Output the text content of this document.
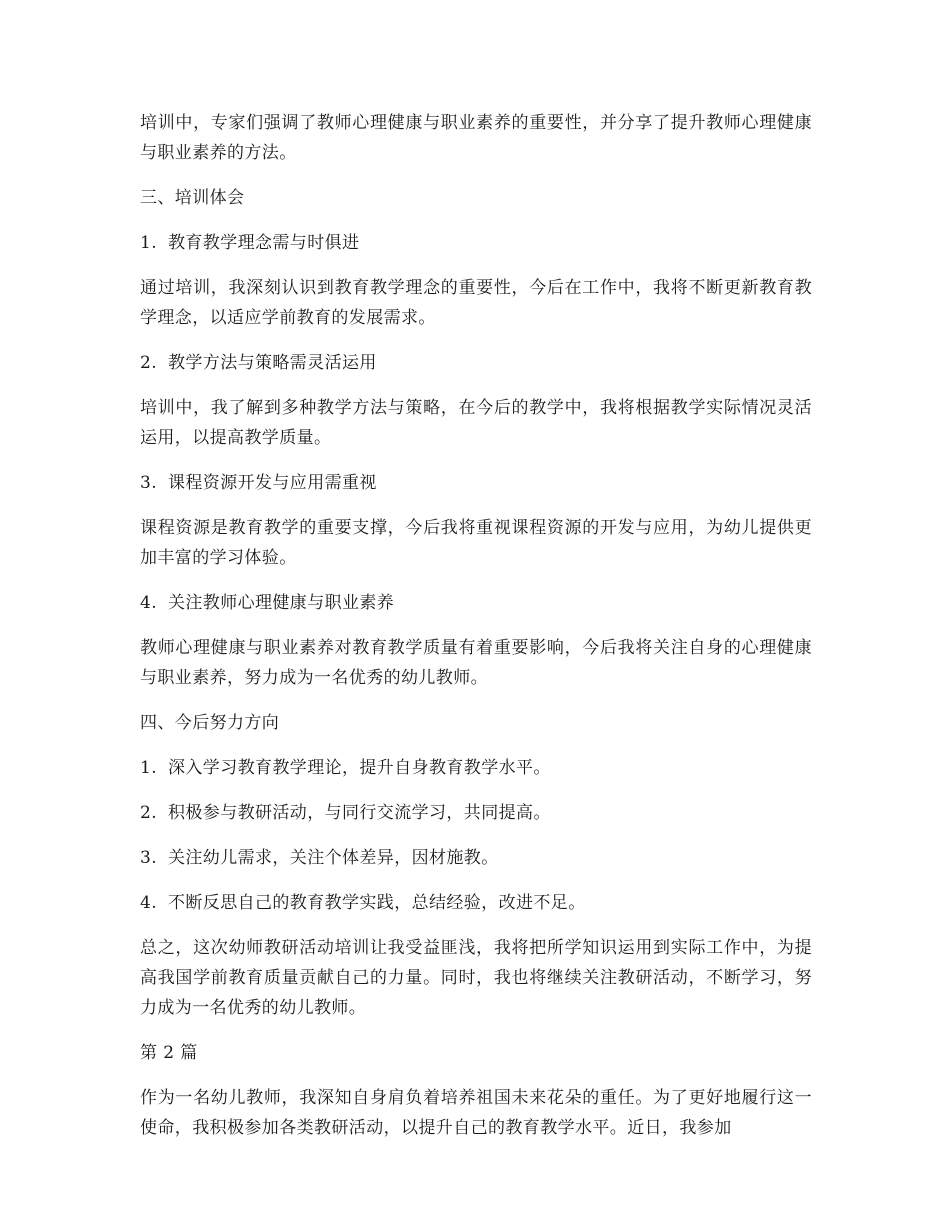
培训中，专家们强调了教师心理健康与职业素养的重要性，并分享了提升教师心理健康与职业素养的方法。

三、培训体会

1. 教育教学理念需与时俱进

通过培训，我深刻认识到教育教学理念的重要性，今后在工作中，我将不断更新教育教学理念，以适应学前教育的发展需求。

2. 教学方法与策略需灵活运用

培训中，我了解到多种教学方法与策略，在今后的教学中，我将根据教学实际情况灵活运用，以提高教学质量。

3. 课程资源开发与应用需重视

课程资源是教育教学的重要支撑，今后我将重视课程资源的开发与应用，为幼儿提供更加丰富的学习体验。

4. 关注教师心理健康与职业素养

教师心理健康与职业素养对教育教学质量有着重要影响，今后我将关注自身的心理健康与职业素养，努力成为一名优秀的幼儿教师。

四、今后努力方向

1. 深入学习教育教学理论，提升自身教育教学水平。

2. 积极参与教研活动，与同行交流学习，共同提高。

3. 关注幼儿需求，关注个体差异，因材施教。

4. 不断反思自己的教育教学实践，总结经验，改进不足。

总之，这次幼师教研活动培训让我受益匪浅，我将把所学知识运用到实际工作中，为提高我国学前教育质量贡献自己的力量。同时，我也将继续关注教研活动，不断学习，努力成为一名优秀的幼儿教师。

第 2 篇

作为一名幼儿教师，我深知自身肩负着培养祖国未来花朵的重任。为了更好地履行这一使命，我积极参加各类教研活动，以提升自己的教育教学水平。近日，我参加
